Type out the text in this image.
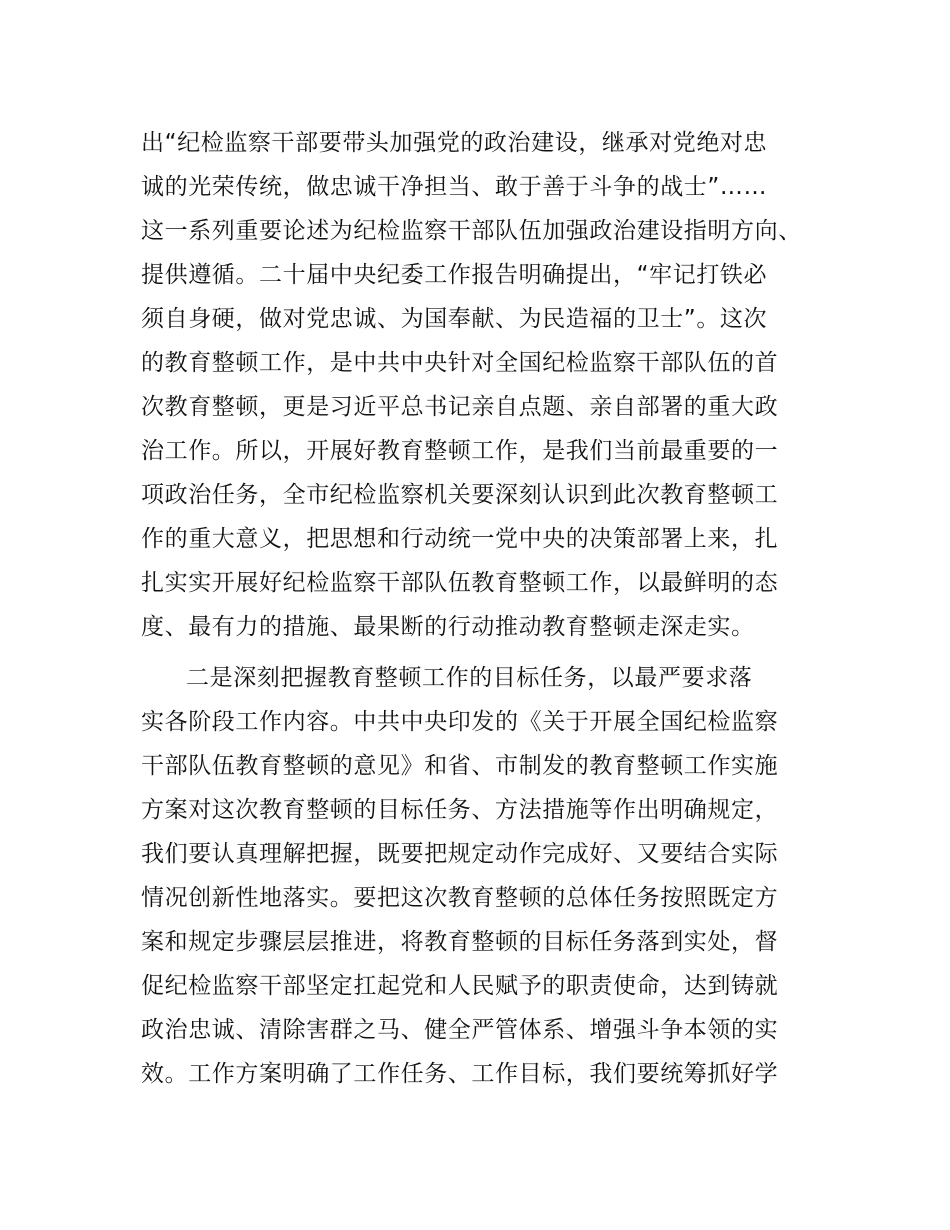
出“纪检监察干部要带头加强党的政治建设，继承对党绝对忠
诚的光荣传统，做忠诚干净担当、敢于善于斗争的战士”……
这一系列重要论述为纪检监察干部队伍加强政治建设指明方向、
提供遵循。二十届中央纪委工作报告明确提出，“牢记打铁必
须自身硬，做对党忠诚、为国奉献、为民造福的卫士”。这次
的教育整顿工作，是中共中央针对全国纪检监察干部队伍的首
次教育整顿，更是习近平总书记亲自点题、亲自部署的重大政
治工作。所以，开展好教育整顿工作，是我们当前最重要的一
项政治任务，全市纪检监察机关要深刻认识到此次教育整顿工
作的重大意义，把思想和行动统一党中央的决策部署上来，扎
扎实实开展好纪检监察干部队伍教育整顿工作，以最鲜明的态
度、最有力的措施、最果断的行动推动教育整顿走深走实。
二是深刻把握教育整顿工作的目标任务，以最严要求落
实各阶段工作内容。中共中央印发的《关于开展全国纪检监察
干部队伍教育整顿的意见》和省、市制发的教育整顿工作实施
方案对这次教育整顿的目标任务、方法措施等作出明确规定，
我们要认真理解把握，既要把规定动作完成好、又要结合实际
情况创新性地落实。要把这次教育整顿的总体任务按照既定方
案和规定步骤层层推进，将教育整顿的目标任务落到实处，督
促纪检监察干部坚定扛起党和人民赋予的职责使命，达到铸就
政治忠诚、清除害群之马、健全严管体系、增强斗争本领的实
效。工作方案明确了工作任务、工作目标，我们要统筹抓好学
